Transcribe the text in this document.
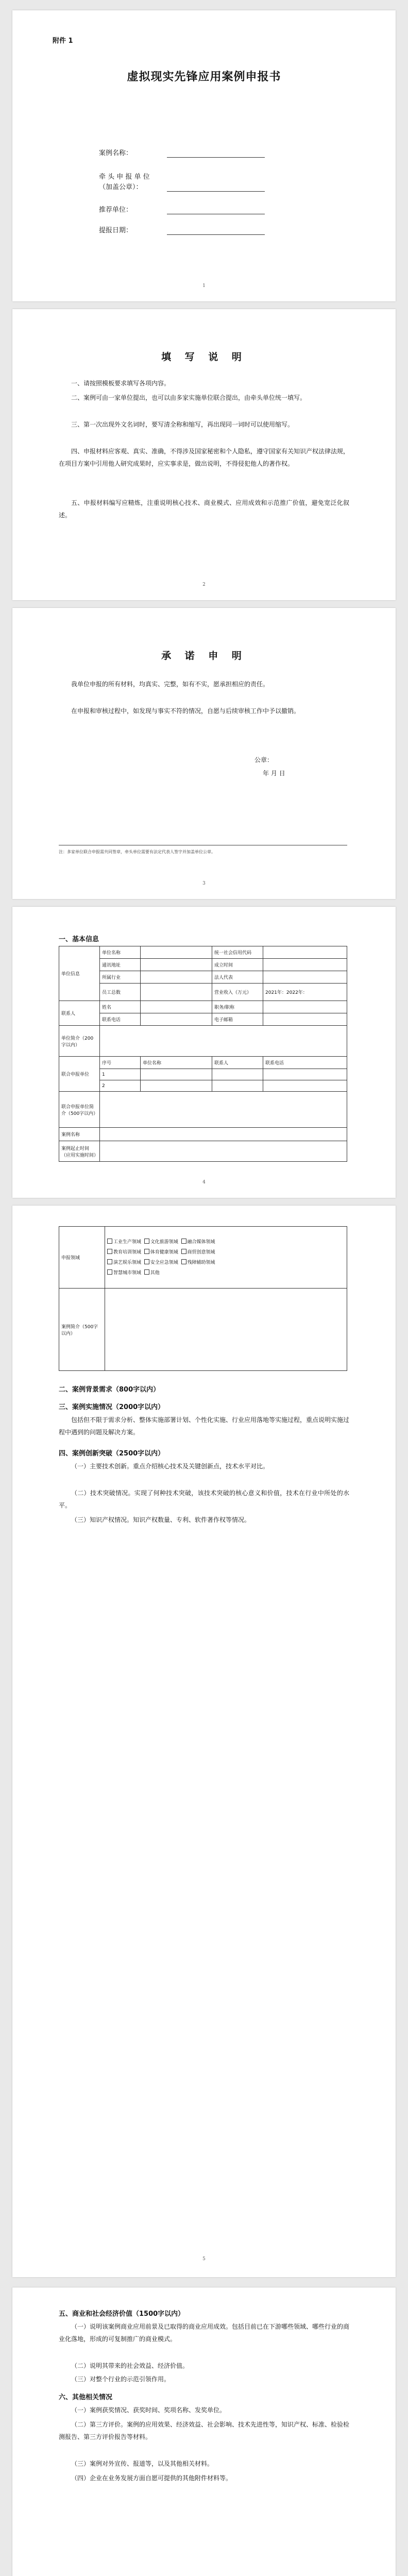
附件 1
虚拟现实先锋应用案例申报书
案例名称：
牵 头 申 报 单 位
（加盖公章）：
推荐单位：
提报日期：
1
填 写 说 明

一、请按照模板要求填写各项内容。

二、案例可由一家单位提出，也可以由多家实施单位联合提出，由牵头单位统一填写。

三、第一次出现外文名词时，要写清全称和缩写，再出现同一词时可以使用缩写。

四、申报材料应客观、真实、准确，不得涉及国家秘密和个人隐私，遵守国家有关知识产权法律法规，在项目方案中引用他人研究成果时，应实事求是，做出说明，不得侵犯他人的著作权。

五、申报材料编写应精炼，注重说明核心技术、商业模式、应用成效和示范推广价值，避免宽泛化叙述。

2
承 诺 申 明

我单位申报的所有材料，均真实、完整，如有不实，愿承担相应的责任。

在申报和审核过程中，如发现与事实不符的情况，自愿与后续审核工作中予以撤销。

公章：
年 月 日
注：多家单位联合申报需共同签章，牵头单位需要有法定代表人签字并加盖单位公章。
3
一、基本信息
单位信息	单位名称		统一社会信用代码	
	通讯地址		成立时间	
	所属行业		法人代表	
	员工总数		营业收入（万元）	2021年：2022年：
联系人	姓名		职务/职称	
	联系电话		电子邮箱	
单位简介（200字以内）				
联合申报单位	序号	单位名称	联系人	联系电话
	1			
	2			
联合申报单位简介（500字以内）				
案例名称				
案例起止时间（应用实施时间）				
4
申报领域	工业生产领域 文化旅游领域 融合媒体领域
教育培训领域 体育健康领域 商贸创意领域
演艺娱乐领域 安全应急领域 残障辅助领域
智慧城市领域 其他
案例简介（500字以内）	
二、案例背景需求（800字以内）
三、案例实施情况（2000字以内）

包括但不限于需求分析、整体实施部署计划、个性化实施、行业应用落地等实施过程，重点说明实施过程中遇到的问题及解决方案。

四、案例创新突破（2500字以内）

（一）主要技术创新。重点介绍核心技术及关键创新点，技术水平对比。

（二）技术突破情况。实现了何种技术突破，该技术突破的核心意义和价值，技术在行业中所处的水平。

（三）知识产权情况。知识产权数量、专利、软件著作权等情况。

5
五、商业和社会经济价值（1500字以内）

（一）说明该案例商业应用前景及已取得的商业应用成效。包括目前已在下游哪些领域、哪些行业的商业化落地，形成的可复制推广的商业模式。

（二）说明其带来的社会效益、经济价值。

（三）对整个行业的示范引领作用。

六、其他相关情况

（一）案例获奖情况、获奖时间、奖项名称、发奖单位。

（二）第三方评价。案例的应用效果、经济效益、社会影响、技术先进性等，知识产权、标准、检验检测报告、第三方评价报告等材料。

（三）案例对外宣传、报道等，以及其他相关材料。

（四）企业在业务发展方面自愿可提供的其他附件材料等。
